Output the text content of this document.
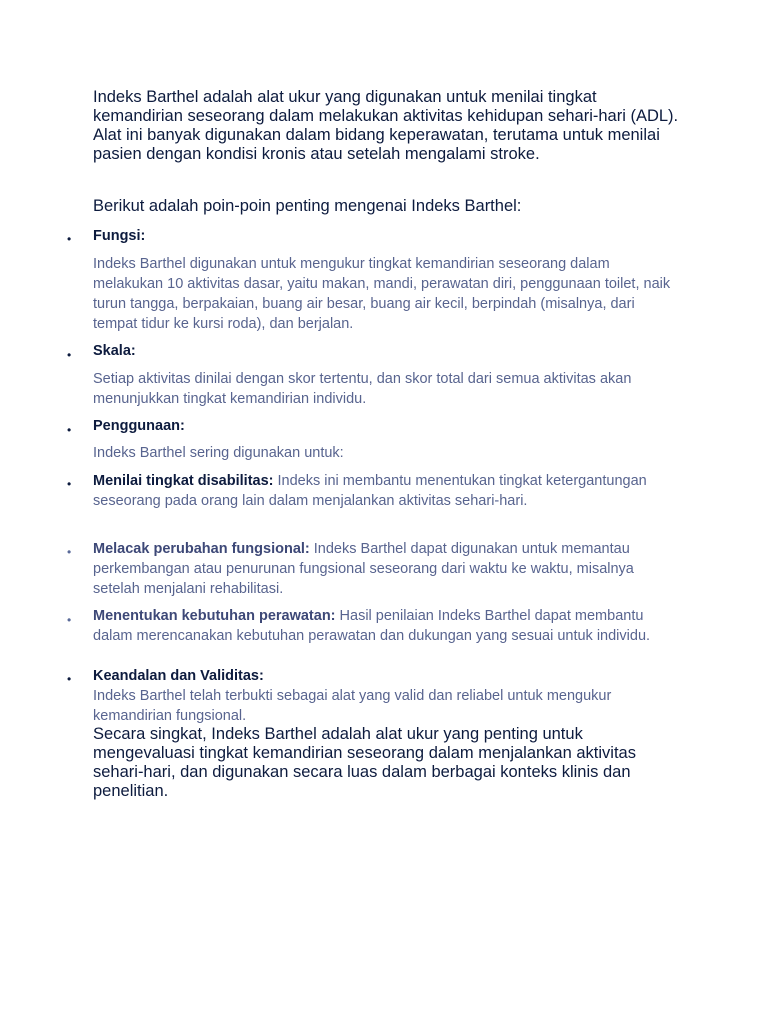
Indeks Barthel adalah alat ukur yang digunakan untuk menilai tingkat kemandirian seseorang dalam melakukan aktivitas kehidupan sehari-hari (ADL). Alat ini banyak digunakan dalam bidang keperawatan, terutama untuk menilai pasien dengan kondisi kronis atau setelah mengalami stroke.

Berikut adalah poin-poin penting mengenai Indeks Barthel:

• Fungsi:

Indeks Barthel digunakan untuk mengukur tingkat kemandirian seseorang dalam melakukan 10 aktivitas dasar, yaitu makan, mandi, perawatan diri, penggunaan toilet, naik turun tangga, berpakaian, buang air besar, buang air kecil, berpindah (misalnya, dari tempat tidur ke kursi roda), dan berjalan.

• Skala:

Setiap aktivitas dinilai dengan skor tertentu, dan skor total dari semua aktivitas akan menunjukkan tingkat kemandirian individu.

• Penggunaan:

Indeks Barthel sering digunakan untuk:

• Menilai tingkat disabilitas: Indeks ini membantu menentukan tingkat ketergantungan seseorang pada orang lain dalam menjalankan aktivitas sehari-hari.

• Melacak perubahan fungsional: Indeks Barthel dapat digunakan untuk memantau perkembangan atau penurunan fungsional seseorang dari waktu ke waktu, misalnya setelah menjalani rehabilitasi.

• Menentukan kebutuhan perawatan: Hasil penilaian Indeks Barthel dapat membantu dalam merencanakan kebutuhan perawatan dan dukungan yang sesuai untuk individu.

• Keandalan dan Validitas:

Indeks Barthel telah terbukti sebagai alat yang valid dan reliabel untuk mengukur kemandirian fungsional.

Secara singkat, Indeks Barthel adalah alat ukur yang penting untuk mengevaluasi tingkat kemandirian seseorang dalam menjalankan aktivitas sehari-hari, dan digunakan secara luas dalam berbagai konteks klinis dan penelitian.
